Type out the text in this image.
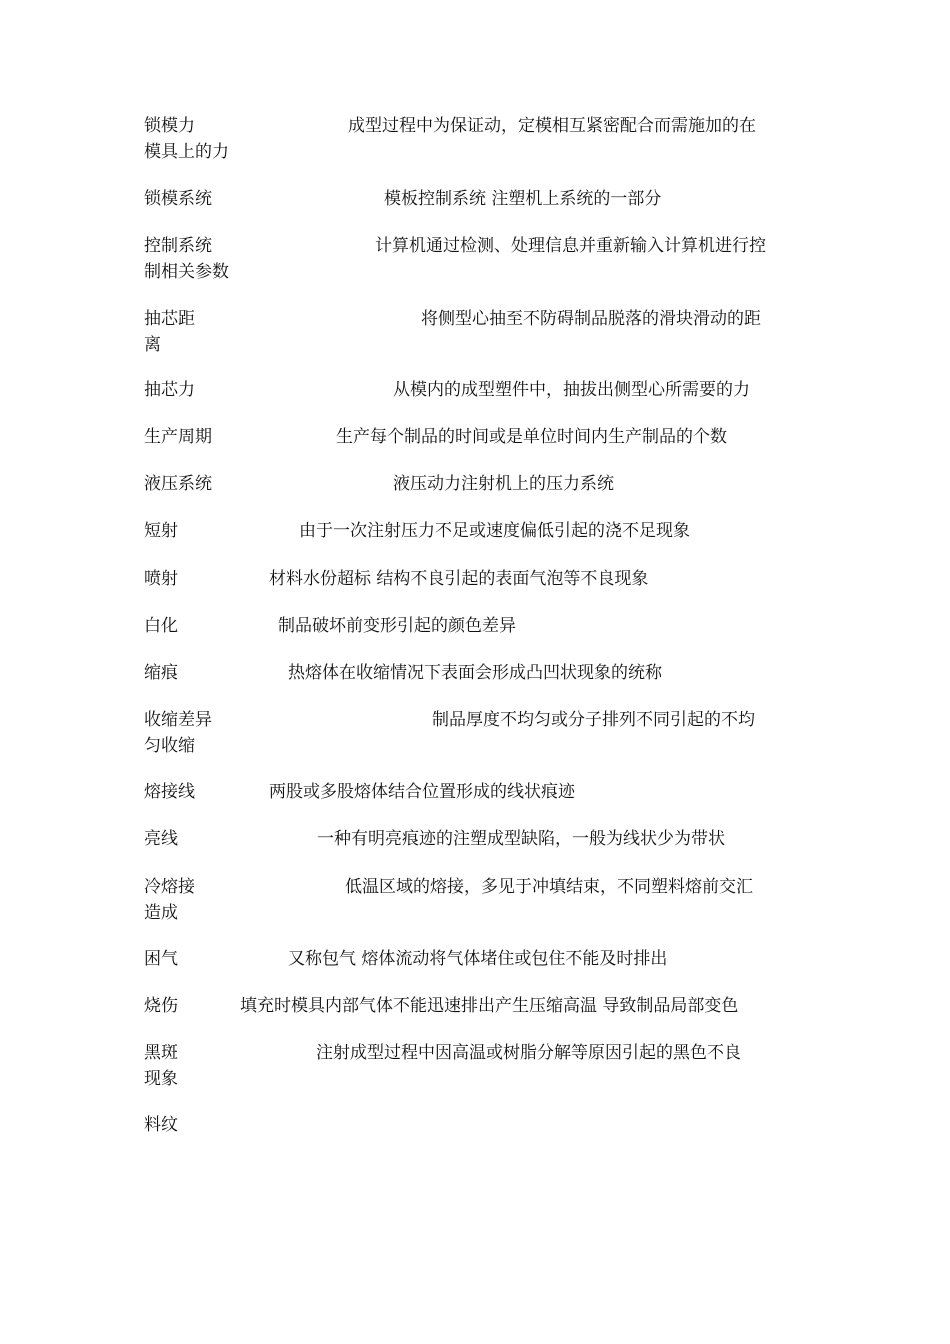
锁模力	成型过程中为保证动，定模相互紧密配合而需施加的在
模具上的力
锁模系统	模板控制系统 注塑机上系统的一部分
控制系统	计算机通过检测、处理信息并重新输入计算机进行控
制相关参数
抽芯距	将侧型心抽至不防碍制品脱落的滑块滑动的距
离
抽芯力	从模内的成型塑件中，抽拔出侧型心所需要的力
生产周期	生产每个制品的时间或是单位时间内生产制品的个数
液压系统	液压动力注射机上的压力系统
短射	由于一次注射压力不足或速度偏低引起的浇不足现象
喷射	材料水份超标 结构不良引起的表面气泡等不良现象
白化	制品破坏前变形引起的颜色差异
缩痕	热熔体在收缩情况下表面会形成凸凹状现象的统称
收缩差异	制品厚度不均匀或分子排列不同引起的不均
匀收缩
熔接线	两股或多股熔体结合位置形成的线状痕迹
亮线	一种有明亮痕迹的注塑成型缺陷，一般为线状少为带状
冷熔接	低温区域的熔接，多见于冲填结束，不同塑料熔前交汇
造成
困气	又称包气 熔体流动将气体堵住或包住不能及时排出
烧伤	填充时模具内部气体不能迅速排出产生压缩高温 导致制品局部变色
黑斑	注射成型过程中因高温或树脂分解等原因引起的黑色不良
现象
料纹
